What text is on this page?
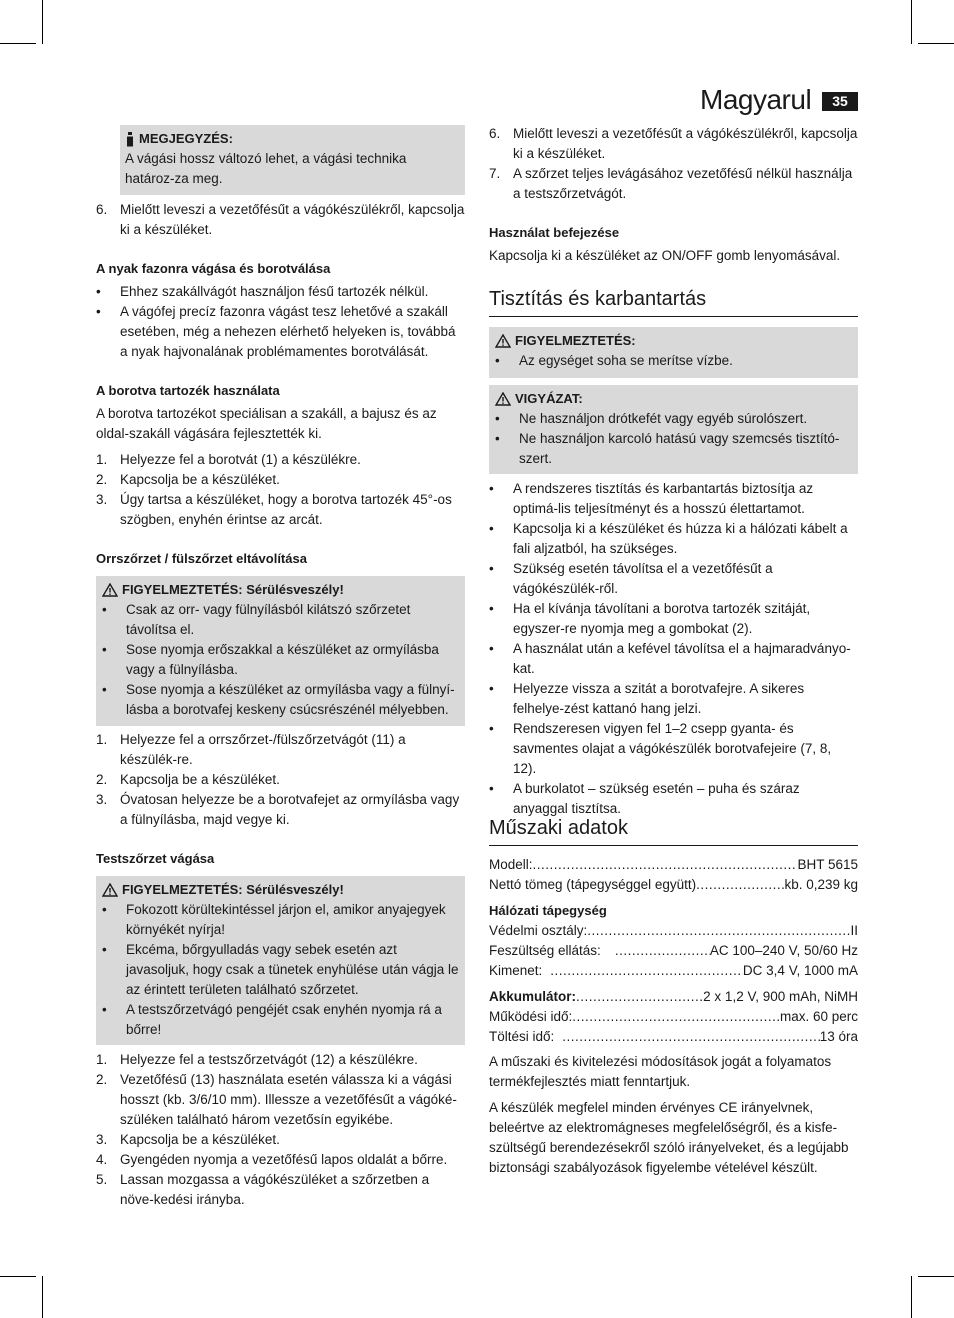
Magyarul	35
MEGJEGYZÉS:
A vágási hossz változó lehet, a vágási technika határoz-za meg.
6. Mielőtt leveszi a vezetőfésűt a vágókészülékről, kapcsolja ki a készüléket.
A nyak fazonra vágása és borotválása
•	Ehhez szakállvágót használjon fésű tartozék nélkül.
•	A vágófej precíz fazonra vágást tesz lehetővé a szakáll esetében, még a nehezen elérhető helyeken is, továbbá a nyak hajvonalának problémamentes borotválását.
A borotva tartozék használata
A borotva tartozékot speciálisan a szakáll, a bajusz és az oldal-szakáll vágására fejlesztették ki.
1. Helyezze fel a borotvát (1) a készülékre.
2. Kapcsolja be a készüléket.
3. Úgy tartsa a készüléket, hogy a borotva tartozék 45°-os szögben, enyhén érintse az arcát.
Orrszőrzet / fülszőrzet eltávolítása
FIGYELMEZTETÉS: Sérülésveszély!
•	Csak az orr- vagy fülnyílásból kilátszó szőrzetet távolítsa el.
•	Sose nyomja erőszakkal a készüléket az ormyílásba vagy a fülnyílásba.
•	Sose nyomja a készüléket az ormyílásba vagy a fülnyí-lásba a borotvafej keskeny csúcsrészénél mélyebben.
1. Helyezze fel a orrszőrzet-/fülszőrzetvágót (11) a készülék-re.
2. Kapcsolja be a készüléket.
3. Óvatosan helyezze be a borotvafejet az ormyílásba vagy a fülnyílásba, majd vegye ki.
Testszőrzet vágása
FIGYELMEZTETÉS: Sérülésveszély!
•	Fokozott körültekintéssel járjon el, amikor anyajegyek környékét nyírja!
•	Ekcéma, bőrgyulladás vagy sebek esetén azt javasoljuk, hogy csak a tünetek enyhülése után vágja le az érintett területen található szőrzetet.
•	A testszőrzetvágó pengéjét csak enyhén nyomja rá a bőrre!
1. Helyezze fel a testszőrzetvágót (12) a készülékre.
2. Vezetőfésű (13) használata esetén válassza ki a vágási hosszt (kb. 3/6/10 mm). Illessze a vezetőfésűt a vágóké-szüléken található három vezetősín egyikébe.
3. Kapcsolja be a készüléket.
4. Gyengéden nyomja a vezetőfésű lapos oldalát a bőrre.
5. Lassan mozgassa a vágókészüléket a szőrzetben a növe-kedési irányba.
6. Mielőtt leveszi a vezetőfésűt a vágókészülékről, kapcsolja ki a készüléket.
7. A szőrzet teljes levágásához vezetőfésű nélkül használja a testszőrzetvágót.
Használat befejezése
Kapcsolja ki a készüléket az ON/OFF gomb lenyomásával.
Tisztítás és karbantartás
FIGYELMEZTETÉS:
•	Az egységet soha se merítse vízbe.
VIGYÁZAT:
•	Ne használjon drótkefét vagy egyéb súrolószert.
•	Ne használjon karcoló hatású vagy szemcsés tisztító-szert.
•	A rendszeres tisztítás és karbantartás biztosítja az optimá-lis teljesítményt és a hosszú élettartamot.
•	Kapcsolja ki a készüléket és húzza ki a hálózati kábelt a fali aljzatból, ha szükséges.
•	Szükség esetén távolítsa el a vezetőfésűt a vágókészülék-ről.
•	Ha el kívánja távolítani a borotva tartozék szitáját, egyszer-re nyomja meg a gombokat (2).
•	A használat után a kefével távolítsa el a hajmaradványo-kat.
•	Helyezze vissza a szitát a borotvafejre. A sikeres felhelye-zést kattanó hang jelzi.
•	Rendszeresen vigyen fel 1–2 csepp gyanta- és savmentes olajat a vágókészülék borotvafejeire (7, 8, 12).
•	A burkolatot – szükség esetén – puha és száraz anyaggal tisztítsa.
Műszaki adatok
Modell: .....	BHT 5615
Nettó tömeg (tápegységgel együtt) .....	kb. 0,239 kg
Hálózati tápegység
Védelmi osztály: .....	II
Feszültség ellátás: .....	AC 100–240 V, 50/60 Hz
Kimenet: .....	DC 3,4 V, 1000 mA
Akkumulátor: .....	2 x 1,2 V, 900 mAh, NiMH
Működési idő: .....	max. 60 perc
Töltési idő: .....	13 óra
A műszaki és kivitelezési módosítások jogát a folyamatos termékfejlesztés miatt fenntartjuk.
A készülék megfelel minden érvényes CE irányelvnek, beleértve az elektromágneses megfelelőségről, és a kisfe-szültségű berendezésekről szóló irányelveket, és a legújabb biztonsági szabályozások figyelembe vételével készült.
